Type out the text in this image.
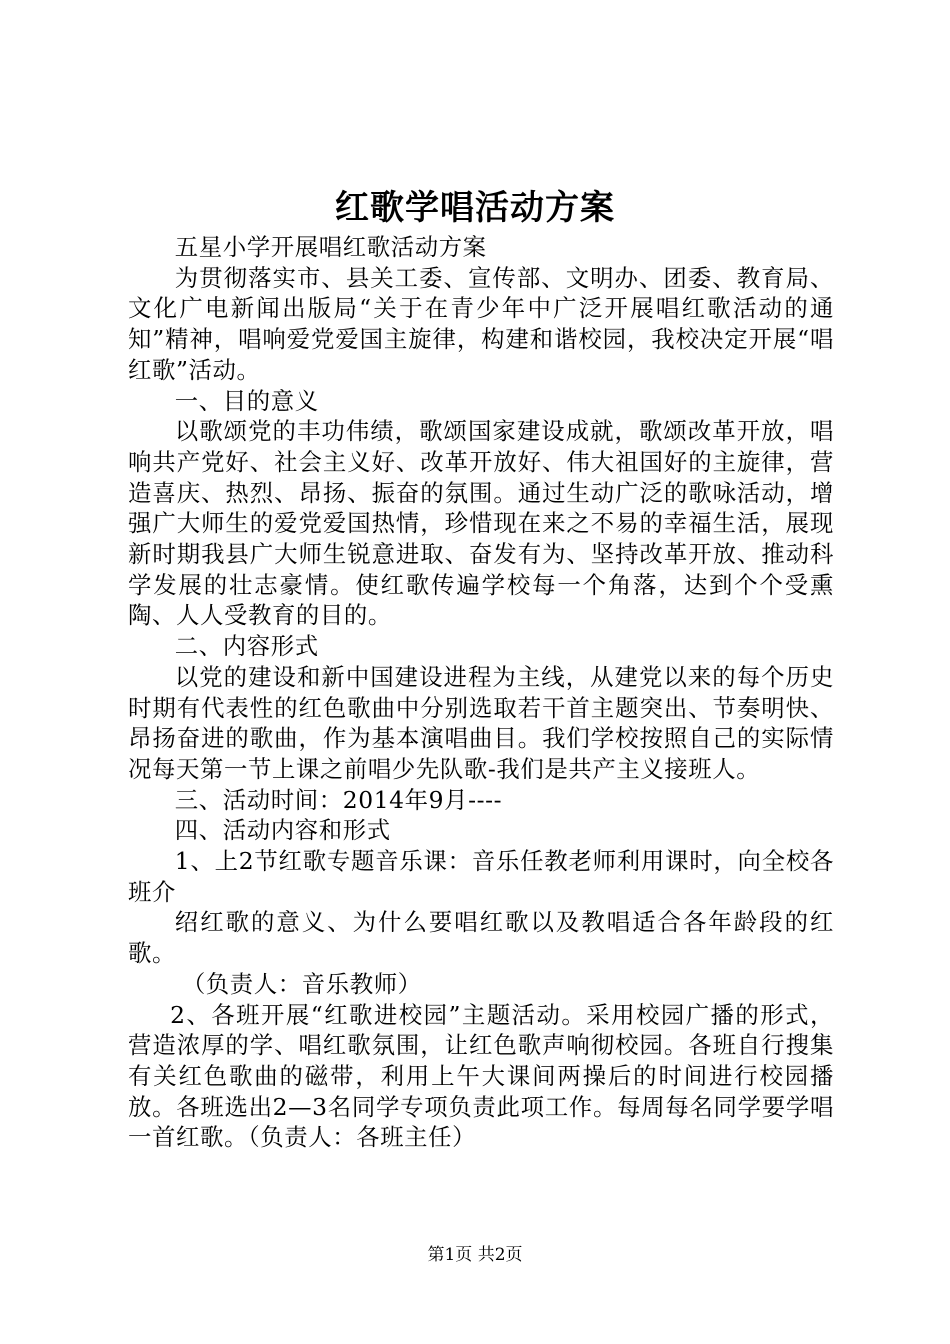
红歌学唱活动方案

五星小学开展唱红歌活动方案

为贯彻落实市、县关工委、宣传部、文明办、团委、教育局、文化广电新闻出版局“关于在青少年中广泛开展唱红歌活动的通知”精神，唱响爱党爱国主旋律，构建和谐校园，我校决定开展“唱红歌”活动。

一、目的意义

以歌颂党的丰功伟绩，歌颂国家建设成就，歌颂改革开放，唱响共产党好、社会主义好、改革开放好、伟大祖国好的主旋律，营造喜庆、热烈、昂扬、振奋的氛围。通过生动广泛的歌咏活动，增强广大师生的爱党爱国热情，珍惜现在来之不易的幸福生活，展现新时期我县广大师生锐意进取、奋发有为、坚持改革开放、推动科学发展的壮志豪情。使红歌传遍学校每一个角落，达到个个受熏陶、人人受教育的目的。

二、内容形式

以党的建设和新中国建设进程为主线，从建党以来的每个历史时期有代表性的红色歌曲中分别选取若干首主题突出、节奏明快、昂扬奋进的歌曲，作为基本演唱曲目。我们学校按照自己的实际情况每天第一节上课之前唱少先队歌-我们是共产主义接班人。

三、活动时间：2014年9月----

四、活动内容和形式

1、上2节红歌专题音乐课：音乐任教老师利用课时，向全校各班介

绍红歌的意义、为什么要唱红歌以及教唱适合各年龄段的红歌。

（负责人：音乐教师）

2、各班开展“红歌进校园”主题活动。采用校园广播的形式，营造浓厚的学、唱红歌氛围，让红色歌声响彻校园。各班自行搜集有关红色歌曲的磁带，利用上午大课间两操后的时间进行校园播放。各班选出2—3名同学专项负责此项工作。每周每名同学要学唱一首红歌。（负责人：各班主任）

第1页 共2页
